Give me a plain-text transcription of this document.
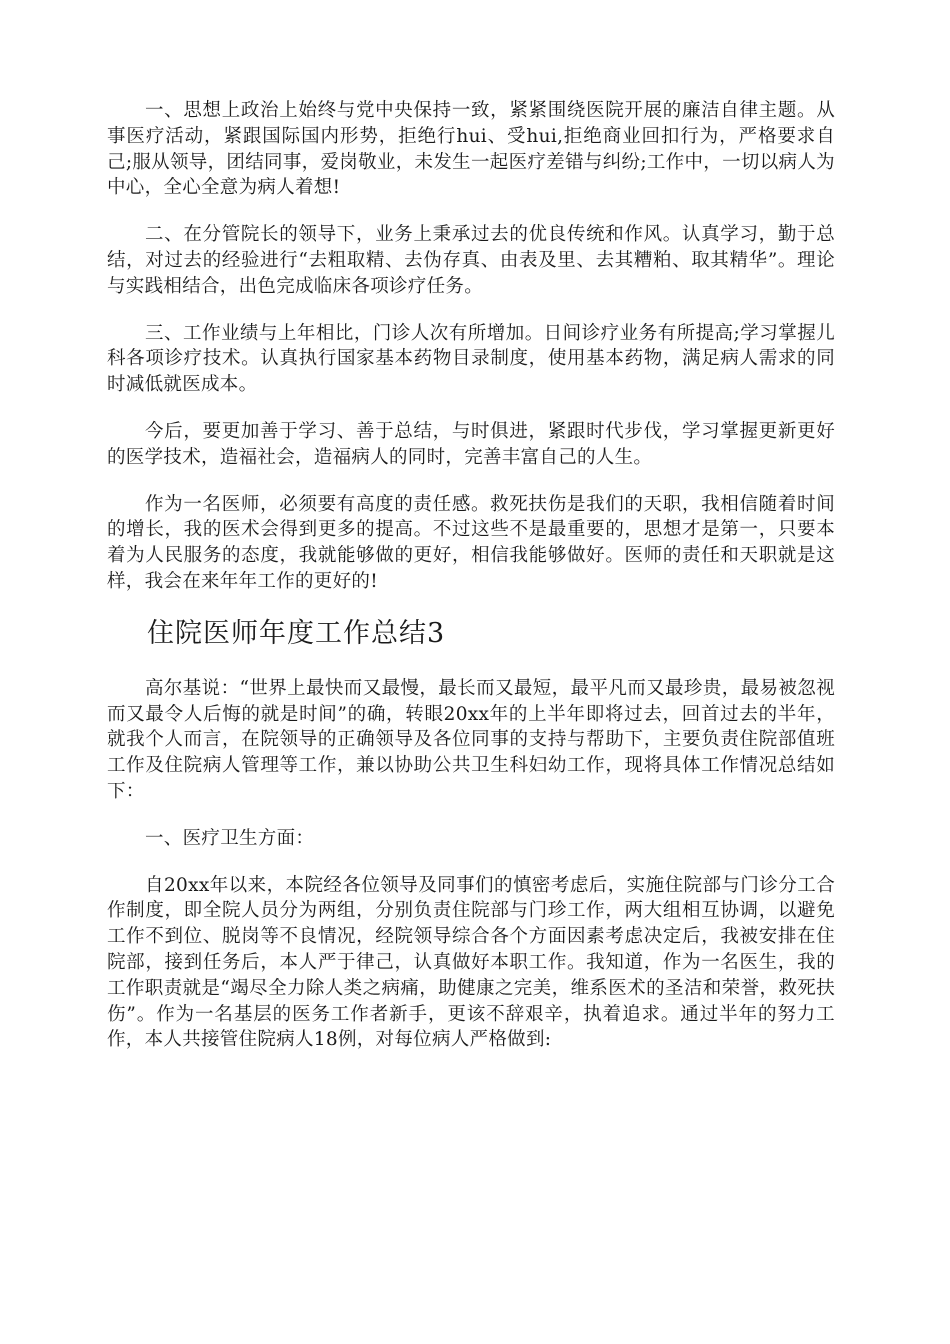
一、思想上政治上始终与党中央保持一致，紧紧围绕医院开展的廉洁自律主题。从事医疗活动，紧跟国际国内形势，拒绝行hui、受hui,拒绝商业回扣行为，严格要求自己;服从领导，团结同事，爱岗敬业，未发生一起医疗差错与纠纷;工作中，一切以病人为中心，全心全意为病人着想!

二、在分管院长的领导下，业务上秉承过去的优良传统和作风。认真学习，勤于总结，对过去的经验进行“去粗取精、去伪存真、由表及里、去其糟粕、取其精华”。理论与实践相结合，出色完成临床各项诊疗任务。

三、工作业绩与上年相比，门诊人次有所增加。日间诊疗业务有所提高;学习掌握儿科各项诊疗技术。认真执行国家基本药物目录制度，使用基本药物，满足病人需求的同时减低就医成本。

今后，要更加善于学习、善于总结，与时俱进，紧跟时代步伐，学习掌握更新更好的医学技术，造福社会，造福病人的同时，完善丰富自己的人生。

作为一名医师，必须要有高度的责任感。救死扶伤是我们的天职，我相信随着时间的增长，我的医术会得到更多的提高。不过这些不是最重要的，思想才是第一，只要本着为人民服务的态度，我就能够做的更好，相信我能够做好。医师的责任和天职就是这样，我会在来年年工作的更好的!

住院医师年度工作总结3

高尔基说：“世界上最快而又最慢，最长而又最短，最平凡而又最珍贵，最易被忽视而又最令人后悔的就是时间”的确，转眼20xx年的上半年即将过去，回首过去的半年，就我个人而言，在院领导的正确领导及各位同事的支持与帮助下，主要负责住院部值班工作及住院病人管理等工作，兼以协助公共卫生科妇幼工作，现将具体工作情况总结如下：

一、医疗卫生方面：

自20xx年以来，本院经各位领导及同事们的慎密考虑后，实施住院部与门诊分工合作制度，即全院人员分为两组，分别负责住院部与门珍工作，两大组相互协调，以避免工作不到位、脱岗等不良情况，经院领导综合各个方面因素考虑决定后，我被安排在住院部，接到任务后，本人严于律己，认真做好本职工作。我知道，作为一名医生，我的工作职责就是“竭尽全力除人类之病痛，助健康之完美，维系医术的圣洁和荣誉，救死扶伤”。作为一名基层的医务工作者新手，更该不辞艰辛，执着追求。通过半年的努力工作，本人共接管住院病人18例，对每位病人严格做到:
